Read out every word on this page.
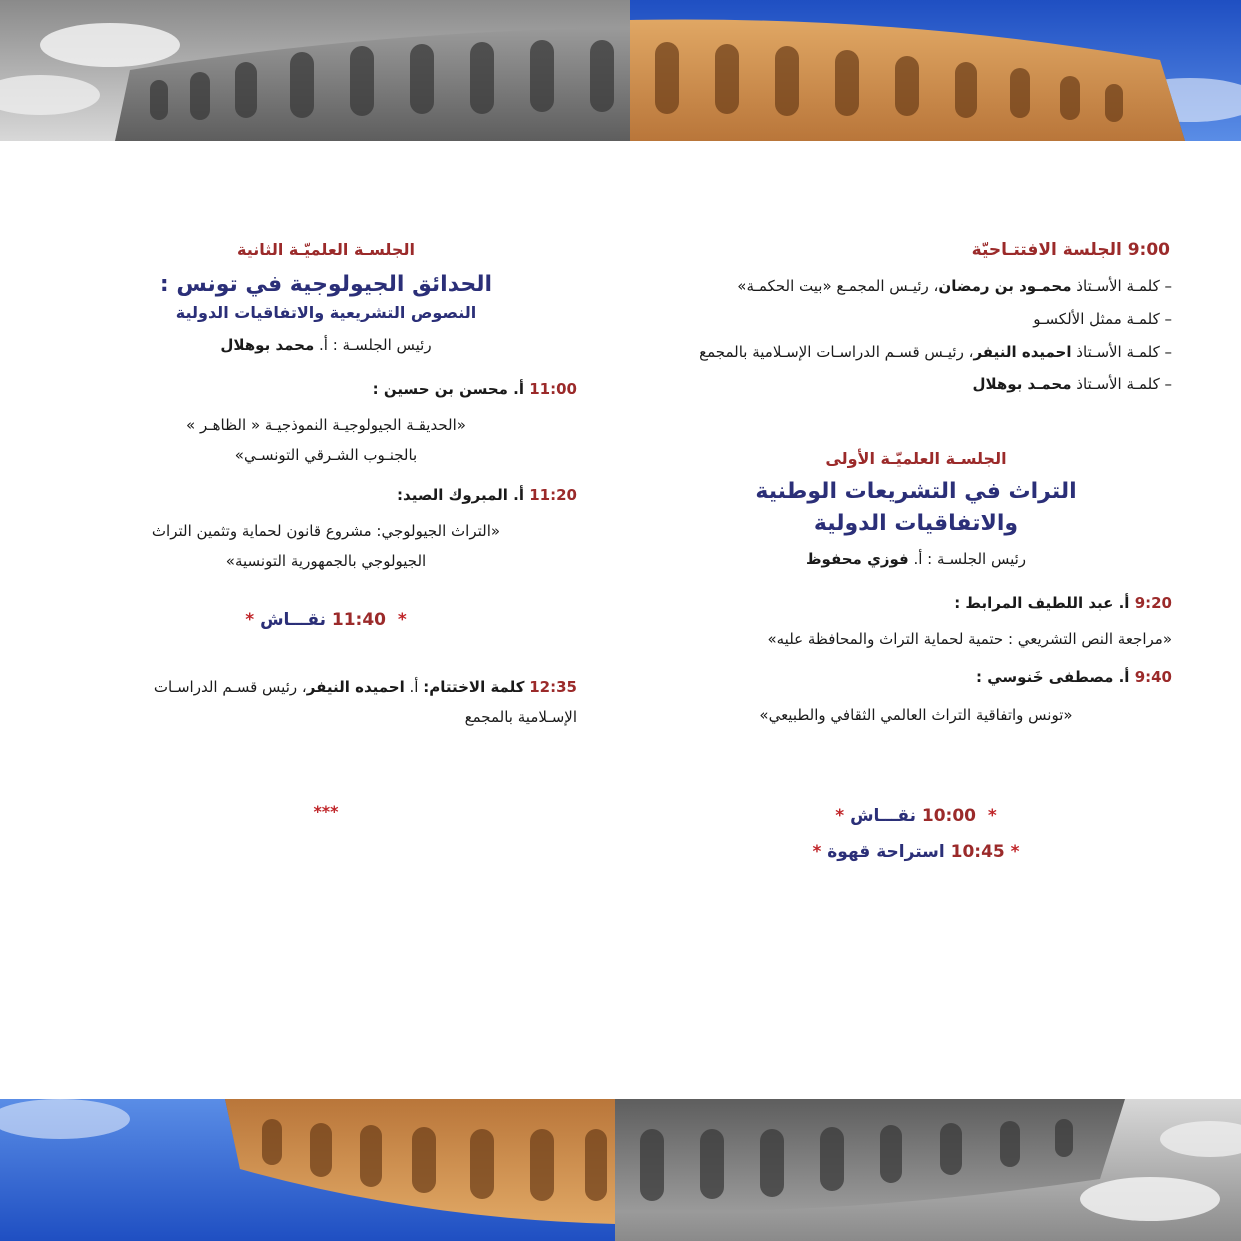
9:00 الجلسة الافتتـاحيّة
– كلمـة الأسـتاذ محمـود بن رمضان، رئيـس المجمـع «بيت الحكمـة»
– كلمـة ممثل الألكسـو
– كلمـة الأسـتاذ احميده النيفر، رئيـس قسـم الدراسـات الإسـلامية بالمجمع
– كلمـة الأسـتاذ محمـد بوهلال
الجلسـة العلميّـة الأولى
التراث في التشريعات الوطنية
والاتفاقيات الدولية
رئيس الجلسـة : أ. فوزي محفوظ
9:20 أ. عبد اللطيف المرابط :
«مراجعة النص التشريعي : حتمية لحماية التراث والمحافظة عليه»
9:40 أ. مصطفى خَنوسي :
«تونس واتفاقية التراث العالمي الثقافي والطبيعي»
*  10:00 نقـــاش *
* 10:45 استراحة قهوة *
الجلسـة العلميّـة الثانية
الحدائق الجيولوجية في تونس :
النصوص التشريعية والاتفاقيات الدولية
رئيس الجلسـة : أ. محمد بوهلال
11:00 أ. محسن بن حسين :
«الحديقـة الجيولوجيـة النموذجيـة « الظاهـر »
بالجنـوب الشـرقي التونسـي»
11:20 أ. المبروك الصيد:
«التراث الجيولوجي: مشروع قانون لحماية وتثمين التراث
الجيولوجي بالجمهورية التونسية»
*  11:40 نقـــاش *
12:35 كلمة الاختتام: أ. احميده النيفر، رئيس قسـم الدراسـات
الإسـلامية بالمجمع
***
